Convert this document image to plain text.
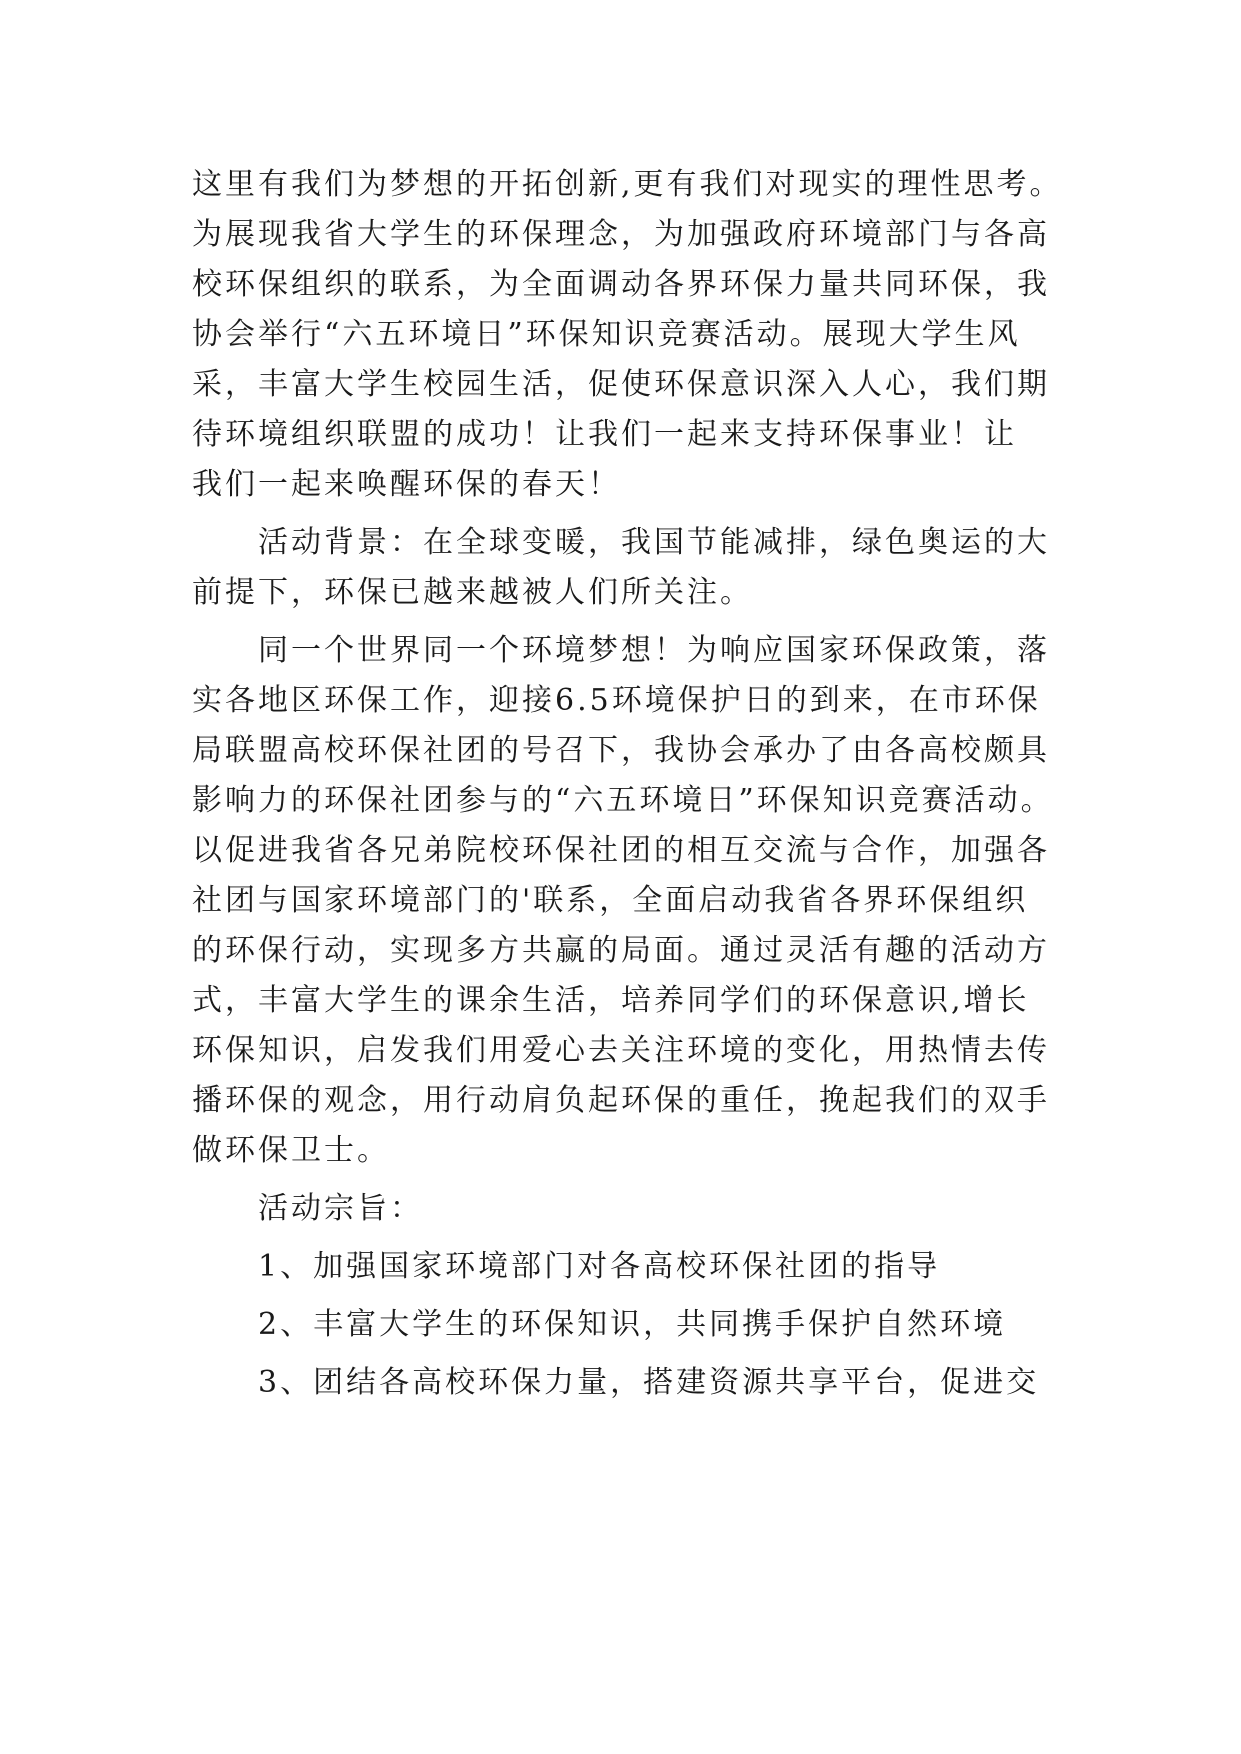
这里有我们为梦想的开拓创新,更有我们对现实的理性思考。
为展现我省大学生的环保理念，为加强政府环境部门与各高
校环保组织的联系，为全面调动各界环保力量共同环保，我
协会举行“六五环境日”环保知识竞赛活动。展现大学生风
采，丰富大学生校园生活，促使环保意识深入人心，我们期
待环境组织联盟的成功！让我们一起来支持环保事业！让
我们一起来唤醒环保的春天！
活动背景：在全球变暖，我国节能减排，绿色奥运的大
前提下，环保已越来越被人们所关注。
同一个世界同一个环境梦想！为响应国家环保政策，落
实各地区环保工作，迎接6.5环境保护日的到来，在市环保
局联盟高校环保社团的号召下，我协会承办了由各高校颇具
影响力的环保社团参与的“六五环境日”环保知识竞赛活动。
以促进我省各兄弟院校环保社团的相互交流与合作，加强各
社团与国家环境部门的'联系，全面启动我省各界环保组织
的环保行动，实现多方共赢的局面。通过灵活有趣的活动方
式，丰富大学生的课余生活，培养同学们的环保意识,增长
环保知识，启发我们用爱心去关注环境的变化，用热情去传
播环保的观念，用行动肩负起环保的重任，挽起我们的双手
做环保卫士。
活动宗旨：
1、加强国家环境部门对各高校环保社团的指导
2、丰富大学生的环保知识，共同携手保护自然环境
3、团结各高校环保力量，搭建资源共享平台，促进交
